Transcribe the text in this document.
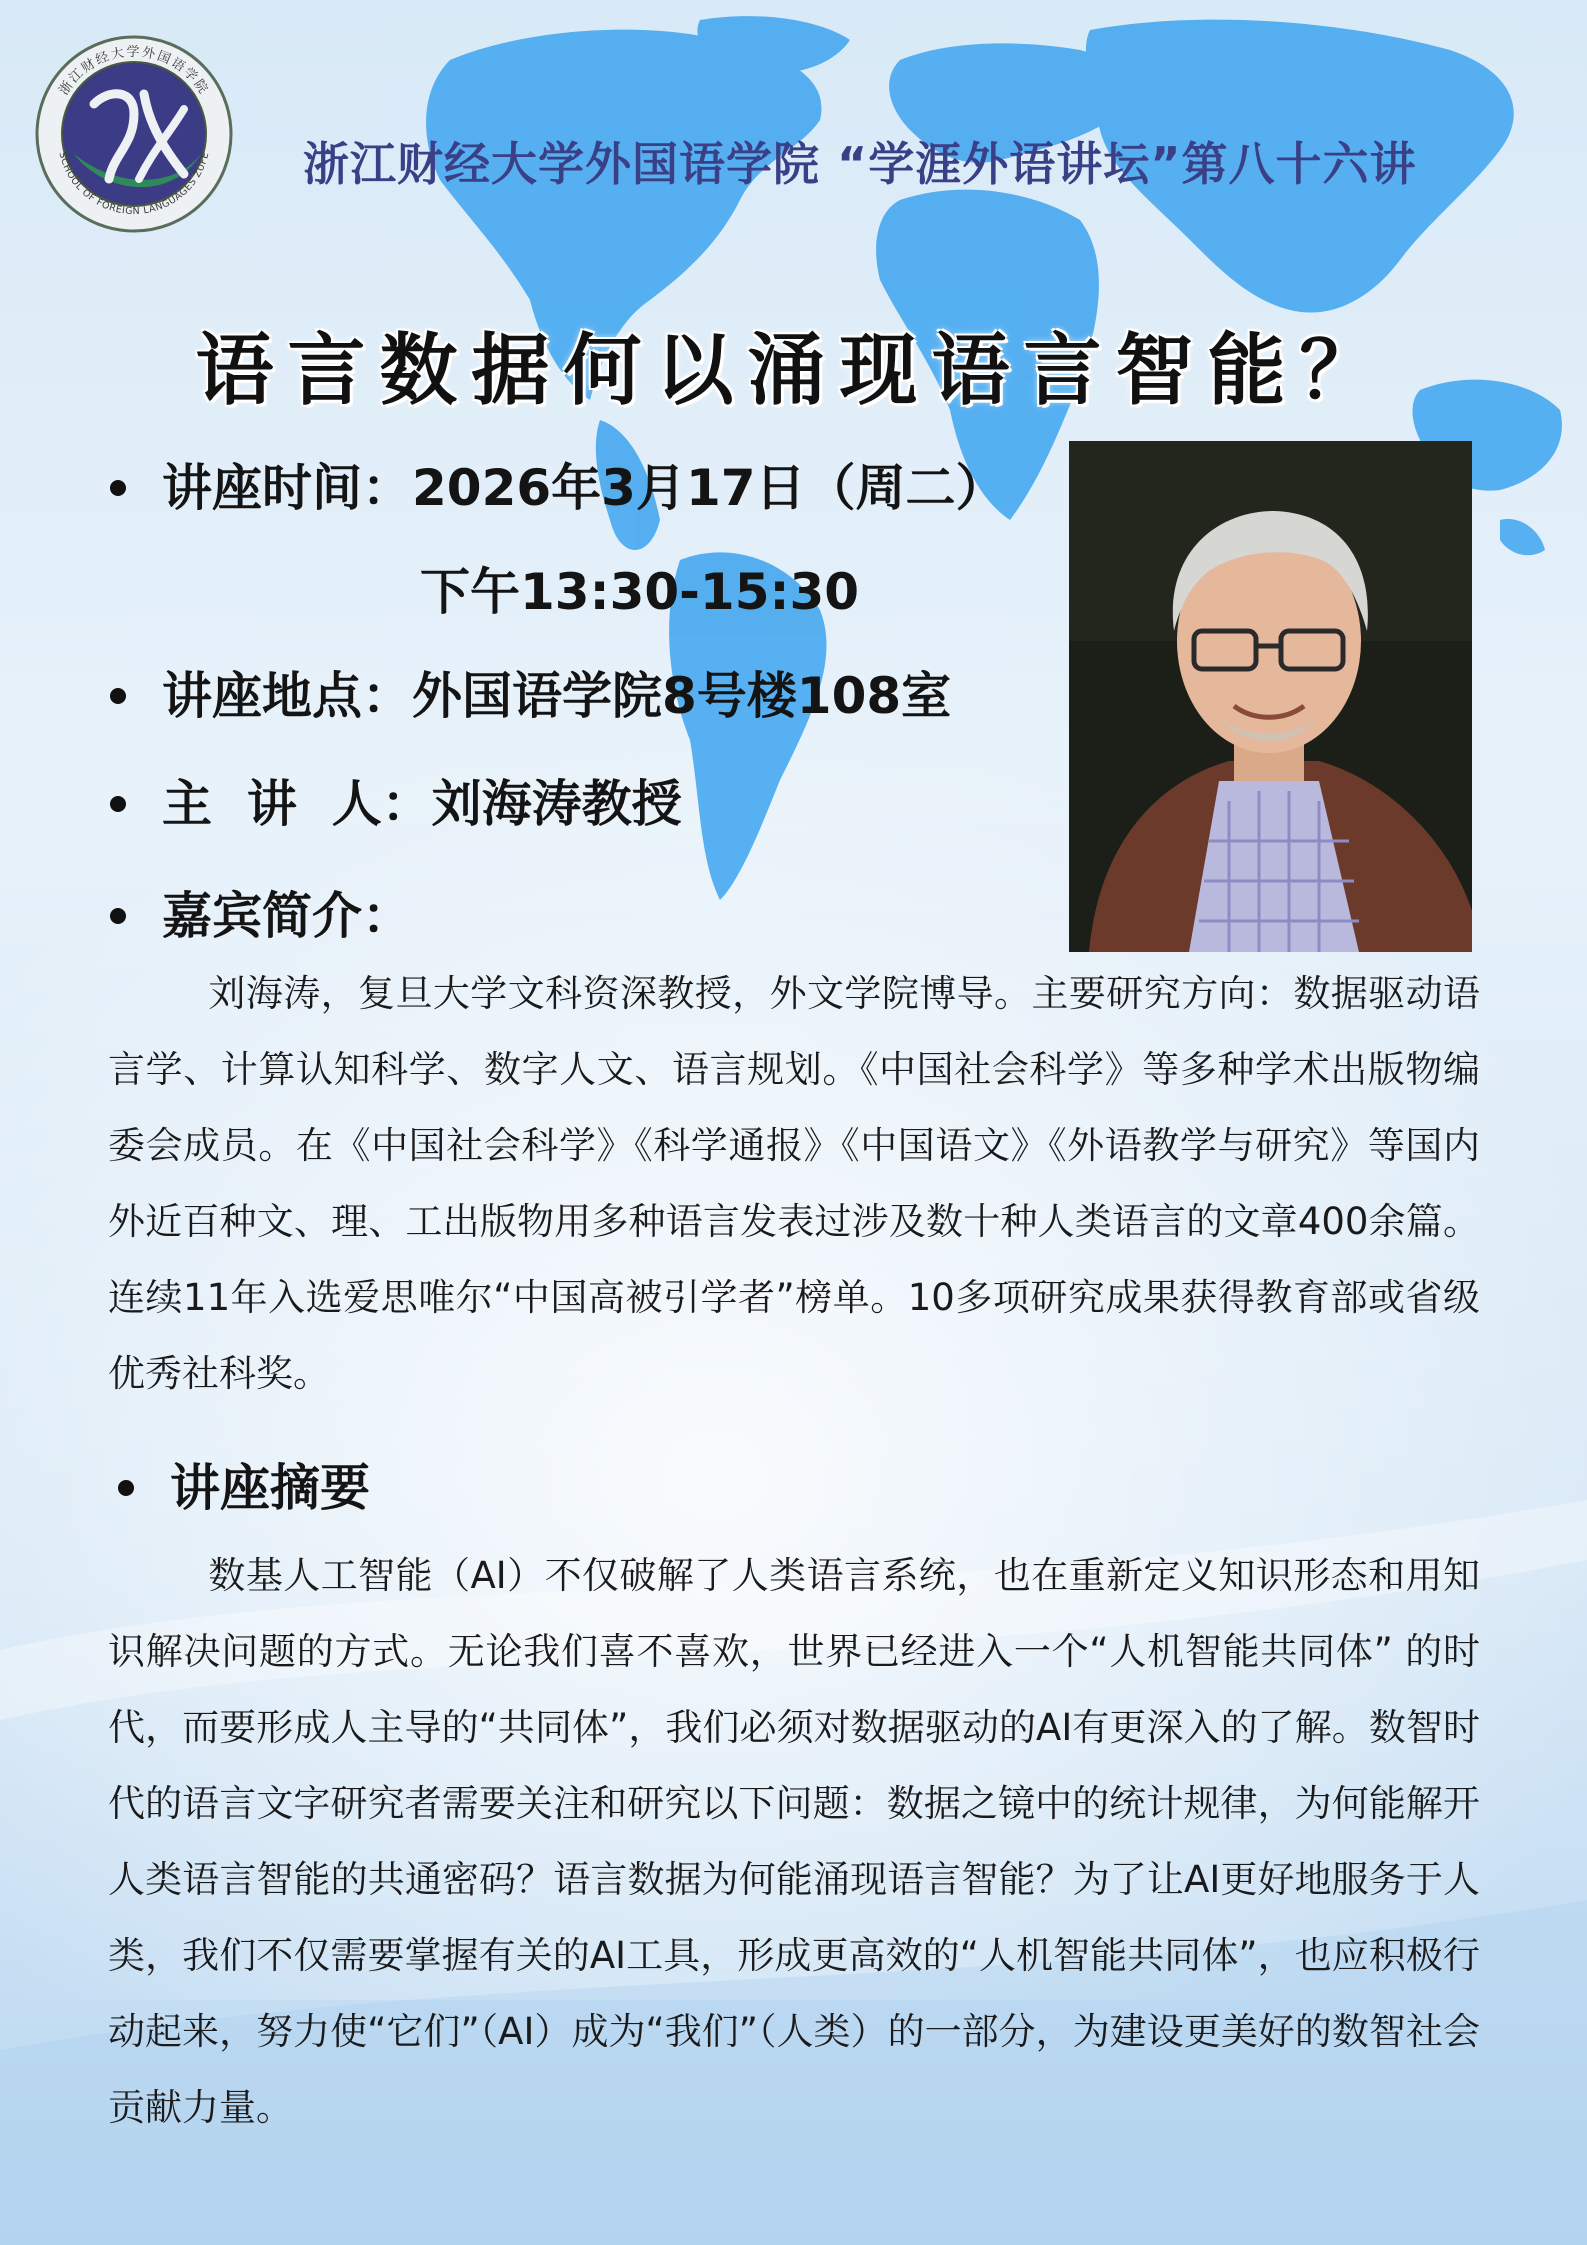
浙江财经大学外国语学院
SCHOOL OF FOREIGN LANGUAGES ZUFE 浙江财经大学外国语学院 “学涯外语讲坛”第八十六讲
语言数据何以涌现语言智能？
讲座时间：2026年3月17日（周二）
下午13:30-15:30
讲座地点：外国语学院8号楼108室
主  讲  人：刘海涛教授
嘉宾简介：
刘海涛，复旦大学文科资深教授，外文学院博导。主要研究方向：数据驱动语言学、计算认知科学、数字人文、语言规划。《中国社会科学》等多种学术出版物编委会成员。在《中国社会科学》《科学通报》《中国语文》《外语教学与研究》等国内外近百种文、理、工出版物用多种语言发表过涉及数十种人类语言的文章400余篇。连续11年入选爱思唯尔“中国高被引学者”榜单。10多项研究成果获得教育部或省级优秀社科奖。
讲座摘要
数基人工智能（AI）不仅破解了人类语言系统，也在重新定义知识形态和用知识解决问题的方式。无论我们喜不喜欢，世界已经进入一个“人机智能共同体” 的时代，而要形成人主导的“共同体”，我们必须对数据驱动的AI有更深入的了解。数智时代的语言文字研究者需要关注和研究以下问题：数据之镜中的统计规律，为何能解开人类语言智能的共通密码？语言数据为何能涌现语言智能？为了让AI更好地服务于人类，我们不仅需要掌握有关的AI工具，形成更高效的“人机智能共同体”，也应积极行动起来，努力使“它们”（AI）成为“我们”（人类）的一部分，为建设更美好的数智社会贡献力量。
